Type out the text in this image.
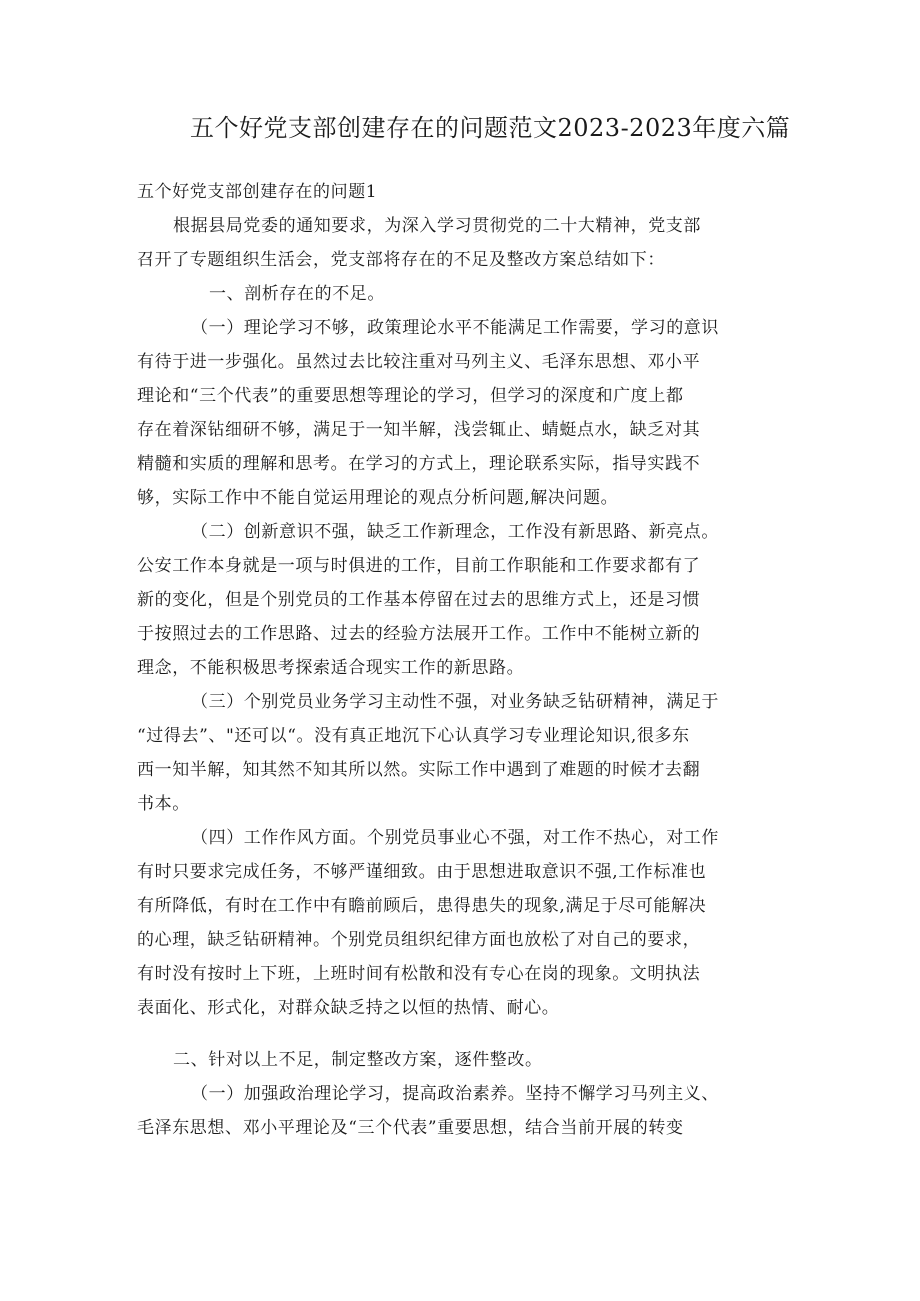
五个好党支部创建存在的问题范文2023-2023年度六篇
五个好党支部创建存在的问题1
根据县局党委的通知要求，为深入学习贯彻党的二十大精神，党支部
召开了专题组织生活会，党支部将存在的不足及整改方案总结如下：
一、剖析存在的不足。
（一）理论学习不够，政策理论水平不能满足工作需要，学习的意识
有待于进一步强化。虽然过去比较注重对马列主义、毛泽东思想、邓小平
理论和“三个代表”的重要思想等理论的学习，但学习的深度和广度上都
存在着深钻细研不够，满足于一知半解，浅尝辄止、蜻蜓点水，缺乏对其
精髓和实质的理解和思考。在学习的方式上，理论联系实际，指导实践不
够，实际工作中不能自觉运用理论的观点分析问题,解决问题。
（二）创新意识不强，缺乏工作新理念，工作没有新思路、新亮点。
公安工作本身就是一项与时俱进的工作，目前工作职能和工作要求都有了
新的变化，但是个别党员的工作基本停留在过去的思维方式上，还是习惯
于按照过去的工作思路、过去的经验方法展开工作。工作中不能树立新的
理念，不能积极思考探索适合现实工作的新思路。
（三）个别党员业务学习主动性不强，对业务缺乏钻研精神，满足于
“过得去”、"还可以“。没有真正地沉下心认真学习专业理论知识,很多东
西一知半解，知其然不知其所以然。实际工作中遇到了难题的时候才去翻
书本。
（四）工作作风方面。个别党员事业心不强，对工作不热心，对工作
有时只要求完成任务，不够严谨细致。由于思想进取意识不强,工作标准也
有所降低，有时在工作中有瞻前顾后，患得患失的现象,满足于尽可能解决
的心理，缺乏钻研精神。个别党员组织纪律方面也放松了对自己的要求，
有时没有按时上下班，上班时间有松散和没有专心在岗的现象。文明执法
表面化、形式化，对群众缺乏持之以恒的热情、耐心。
二、针对以上不足，制定整改方案，逐件整改。
（一）加强政治理论学习，提高政治素养。坚持不懈学习马列主义、
毛泽东思想、邓小平理论及“三个代表”重要思想，结合当前开展的转变
